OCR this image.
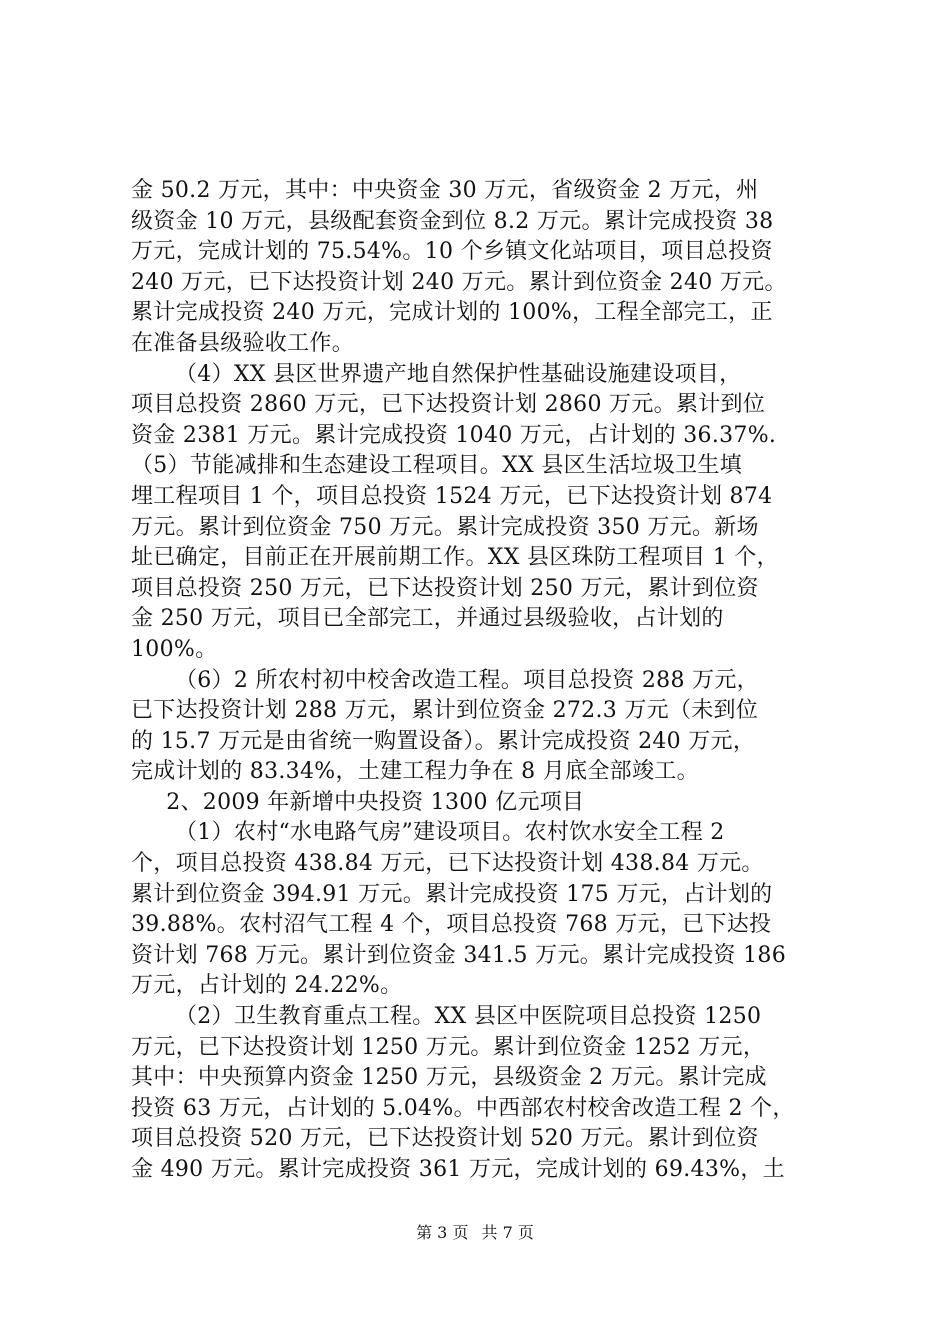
金 50.2 万元，其中：中央资金 30 万元，省级资金 2 万元，州
级资金 10 万元，县级配套资金到位 8.2 万元。累计完成投资 38
万元，完成计划的 75.54%。10 个乡镇文化站项目，项目总投资
240 万元，已下达投资计划 240 万元。累计到位资金 240 万元。
累计完成投资 240 万元，完成计划的 100%，工程全部完工，正
在准备县级验收工作。
（4）XX 县区世界遗产地自然保护性基础设施建设项目，
项目总投资 2860 万元，已下达投资计划 2860 万元。累计到位
资金 2381 万元。累计完成投资 1040 万元，占计划的 36.37%.
（5）节能减排和生态建设工程项目。XX 县区生活垃圾卫生填
埋工程项目 1 个，项目总投资 1524 万元，已下达投资计划 874
万元。累计到位资金 750 万元。累计完成投资 350 万元。新场
址已确定，目前正在开展前期工作。XX 县区珠防工程项目 1 个，
项目总投资 250 万元，已下达投资计划 250 万元，累计到位资
金 250 万元，项目已全部完工，并通过县级验收，占计划的
100%。
（6）2 所农村初中校舍改造工程。项目总投资 288 万元，
已下达投资计划 288 万元，累计到位资金 272.3 万元（未到位
的 15.7 万元是由省统一购置设备）。累计完成投资 240 万元，
完成计划的 83.34%，土建工程力争在 8 月底全部竣工。
2、2009 年新增中央投资 1300 亿元项目
（1）农村“水电路气房”建设项目。农村饮水安全工程 2
个，项目总投资 438.84 万元，已下达投资计划 438.84 万元。
累计到位资金 394.91 万元。累计完成投资 175 万元，占计划的
39.88%。农村沼气工程 4 个，项目总投资 768 万元，已下达投
资计划 768 万元。累计到位资金 341.5 万元。累计完成投资 186
万元，占计划的 24.22%。
（2）卫生教育重点工程。XX 县区中医院项目总投资 1250
万元，已下达投资计划 1250 万元。累计到位资金 1252 万元，
其中：中央预算内资金 1250 万元，县级资金 2 万元。累计完成
投资 63 万元，占计划的 5.04%。中西部农村校舍改造工程 2 个，
项目总投资 520 万元，已下达投资计划 520 万元。累计到位资
金 490 万元。累计完成投资 361 万元，完成计划的 69.43%，土
第 3 页 共 7 页
